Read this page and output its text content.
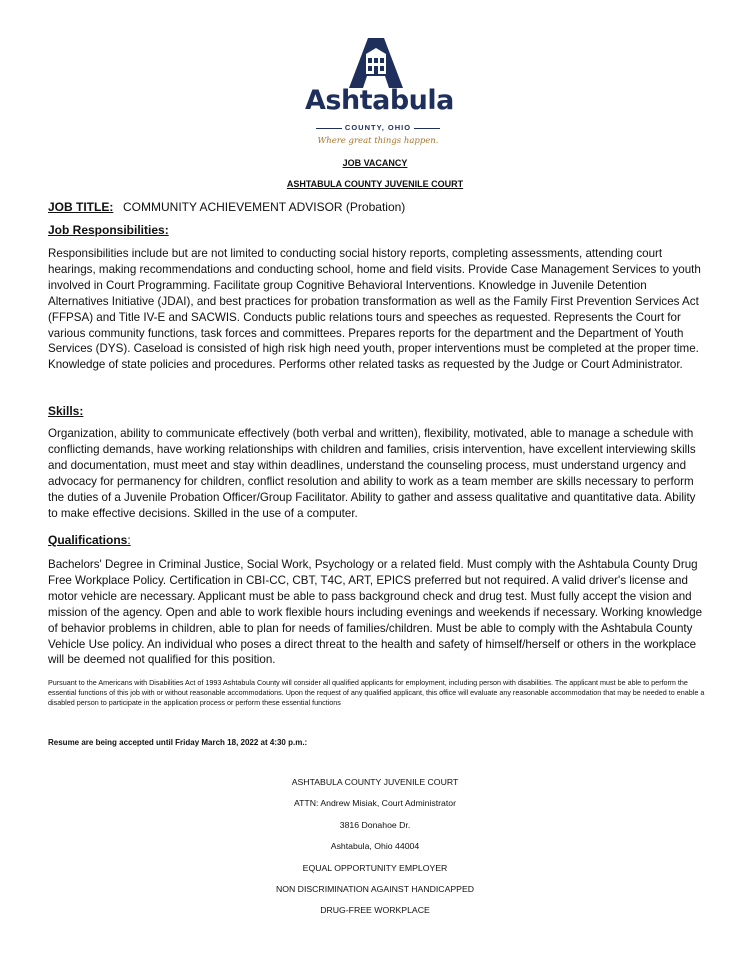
Ashtabula
COUNTY, OHIO
Where great things happen.
JOB VACANCY
ASHTABULA COUNTY JUVENILE COURT
JOB TITLE: COMMUNITY ACHIEVEMENT ADVISOR (Probation)
Job Responsibilities:

Responsibilities include but are not limited to conducting social history reports, completing assessments, attending court hearings, making recommendations and conducting school, home and field visits. Provide Case Management Services to youth involved in Court Programming. Facilitate group Cognitive Behavioral Interventions. Knowledge in Juvenile Detention Alternatives Initiative (JDAI), and best practices for probation transformation as well as the Family First Prevention Services Act (FFPSA) and Title IV-E and SACWIS. Conducts public relations tours and speeches as requested. Represents the Court for various community functions, task forces and committees. Prepares reports for the department and the Department of Youth Services (DYS). Caseload is consisted of high risk high need youth, proper interventions must be completed at the proper time. Knowledge of state policies and procedures. Performs other related tasks as requested by the Judge or Court Administrator.

Skills:

Organization, ability to communicate effectively (both verbal and written), flexibility, motivated, able to manage a schedule with conflicting demands, have working relationships with children and families, crisis intervention, have excellent interviewing skills and documentation, must meet and stay within deadlines, understand the counseling process, must understand urgency and advocacy for permanency for children, conflict resolution and ability to work as a team member are skills necessary to perform the duties of a Juvenile Probation Officer/Group Facilitator. Ability to gather and assess qualitative and quantitative data. Ability to make effective decisions. Skilled in the use of a computer.

Qualifications:

Bachelors' Degree in Criminal Justice, Social Work, Psychology or a related field. Must comply with the Ashtabula County Drug Free Workplace Policy. Certification in CBI-CC, CBT, T4C, ART, EPICS preferred but not required. A valid driver's license and motor vehicle are necessary. Applicant must be able to pass background check and drug test. Must fully accept the vision and mission of the agency. Open and able to work flexible hours including evenings and weekends if necessary. Working knowledge of behavior problems in children, able to plan for needs of families/children. Must be able to comply with the Ashtabula County Vehicle Use policy. An individual who poses a direct threat to the health and safety of himself/herself or others in the workplace will be deemed not qualified for this position.

Pursuant to the Americans with Disabilities Act of 1993 Ashtabula County will consider all qualified applicants for employment, including person with disabilities. The applicant must be able to perform the essential functions of this job with or without reasonable accommodations. Upon the request of any qualified applicant, this office will evaluate any reasonable accommodation that may be needed to enable a disabled person to participate in the application process or perform these essential functions

Resume are being accepted until Friday March 18, 2022 at 4:30 p.m.:
ASHTABULA COUNTY JUVENILE COURT
ATTN: Andrew Misiak, Court Administrator
3816 Donahoe Dr.
Ashtabula, Ohio 44004
EQUAL OPPORTUNITY EMPLOYER
NON DISCRIMINATION AGAINST HANDICAPPED
DRUG-FREE WORKPLACE
